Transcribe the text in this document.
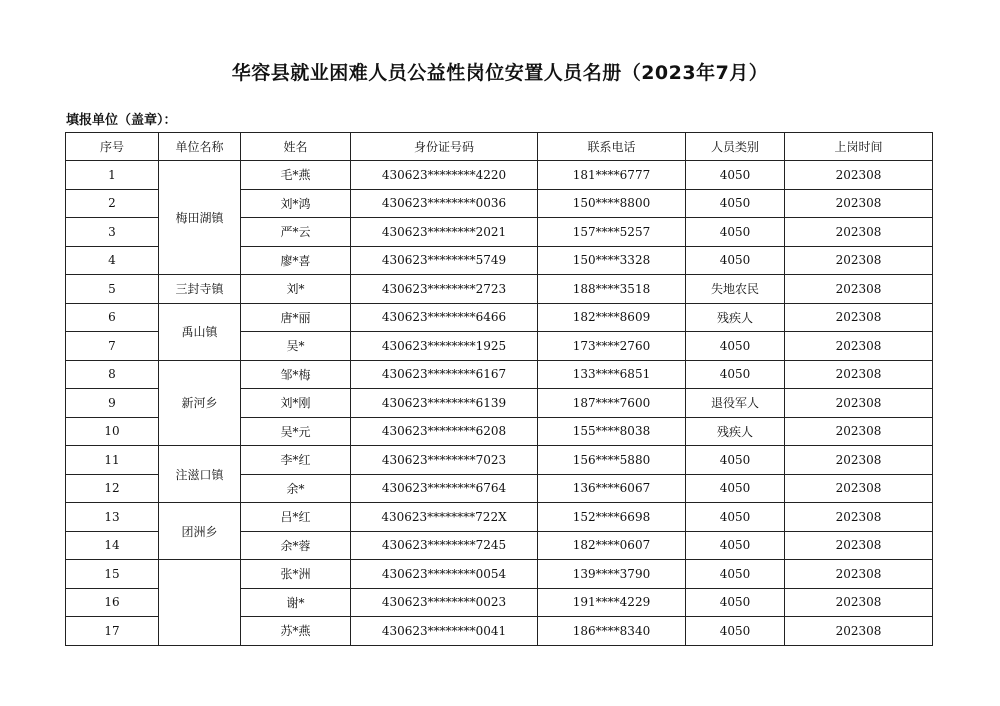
华容县就业困难人员公益性岗位安置人员名册（2023年7月）
填报单位（盖章）：
序号	单位名称	姓名	身份证号码	联系电话	人员类别	上岗时间
1	梅田湖镇	毛*燕	430623********4220	181****6777	4050	202308
2		刘*鸿	430623********0036	150****8800	4050	202308
3		严*云	430623********2021	157****5257	4050	202308
4		廖*喜	430623********5749	150****3328	4050	202308
5	三封寺镇	刘*	430623********2723	188****3518	失地农民	202308
6	禹山镇	唐*丽	430623********6466	182****8609	残疾人	202308
7		吴*	430623********1925	173****2760	4050	202308
8	新河乡	邹*梅	430623********6167	133****6851	4050	202308
9		刘*刚	430623********6139	187****7600	退役军人	202308
10		吴*元	430623********6208	155****8038	残疾人	202308
11	注滋口镇	李*红	430623********7023	156****5880	4050	202308
12		余*	430623********6764	136****6067	4050	202308
13	团洲乡	吕*红	430623********722X	152****6698	4050	202308
14		余*蓉	430623********7245	182****0607	4050	202308
15		张*洲	430623********0054	139****3790	4050	202308
16		谢*	430623********0023	191****4229	4050	202308
17		苏*燕	430623********0041	186****8340	4050	202308
